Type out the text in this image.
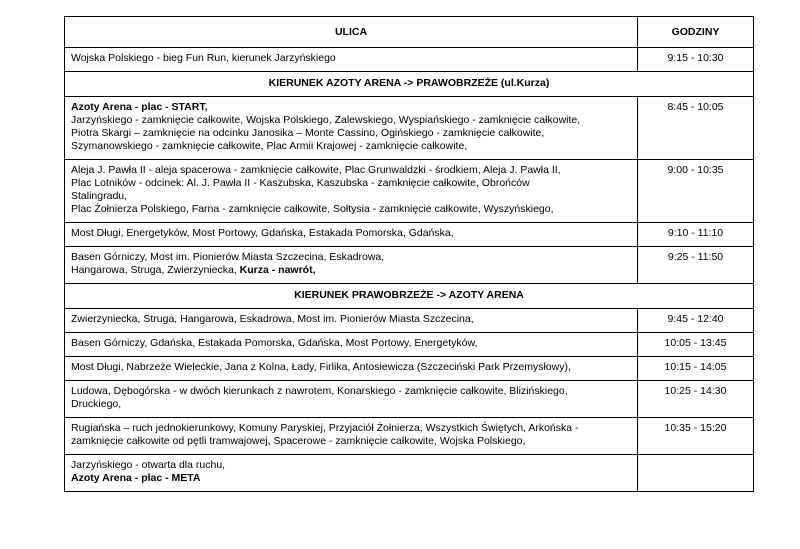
ULICA	GODZINY
Wojska Polskiego - bieg Fun Run, kierunek Jarzyńskiego	9:15 - 10:30
KIERUNEK AZOTY ARENA -> PRAWOBRZEŻE (ul.Kurza)	

Azoty Arena - plac - START,
Jarzyńskiego - zamknięcie całkowite, Wojska Polskiego, Zalewskiego, Wyspiańskiego - zamknięcie całkowite,
Piotra Skargi – zamknięcie na odcinku Janosika – Monte Cassino, Ogińskiego - zamknięcie całkowite,
Szymanowskiego - zamknięcie całkowite, Plac Armii Krajowej - zamknięcie całkowite,	8:45 - 10:05

Aleja J. Pawła II - aleja spacerowa - zamknięcie całkowite, Plac Grunwaldzki - środkiem, Aleja J. Pawła II,
Plac Lotników - odcinek: Al. J. Pawła II - Kaszubska, Kaszubska - zamknięcie całkowite, Obrońców
Stalingradu,
Plac Żołnierza Polskiego, Farna - zamknięcie całkowite, Sołtysia - zamknięcie całkowite, Wyszyńskiego,	9:00 - 10:35
Most Długi, Energetyków, Most Portowy, Gdańska, Estakada Pomorska, Gdańska,	9:10 - 11:10

Basen Górniczy, Most im. Pionierów Miasta Szczecina, Eskadrowa,
Hangarowa, Struga, Zwierzyniecka, Kurza - nawrót,	9:25 - 11:50
KIERUNEK PRAWOBRZEŻE -> AZOTY ARENA	
Zwierzyniecka, Struga, Hangarowa, Eskadrowa, Most im. Pionierów Miasta Szczecina,	9:45 - 12:40
Basen Górniczy, Gdańska, Estakada Pomorska, Gdańska, Most Portowy, Energetyków,	10:05 - 13:45
Most Długi, Nabrzeże Wieleckie, Jana z Kolna, Łady, Firlika, Antosiewicza (Szczeciński Park Przemysłowy),	10:15 - 14:05

Ludowa, Dębogórska - w dwóch kierunkach z nawrotem, Konarskiego - zamknięcie całkowite, Blizińskiego,
Druckiego,	10:25 - 14:30

Rugiańska – ruch jednokierunkowy, Komuny Paryskiej, Przyjaciół Żołnierza, Wszystkich Świętych, Arkońska -
zamknięcie całkowite od pętli tramwajowej, Spacerowe - zamknięcie całkowite, Wojska Polskiego,	10:35 - 15:20

Jarzyńskiego - otwarta dla ruchu,
Azoty Arena - plac - META	
